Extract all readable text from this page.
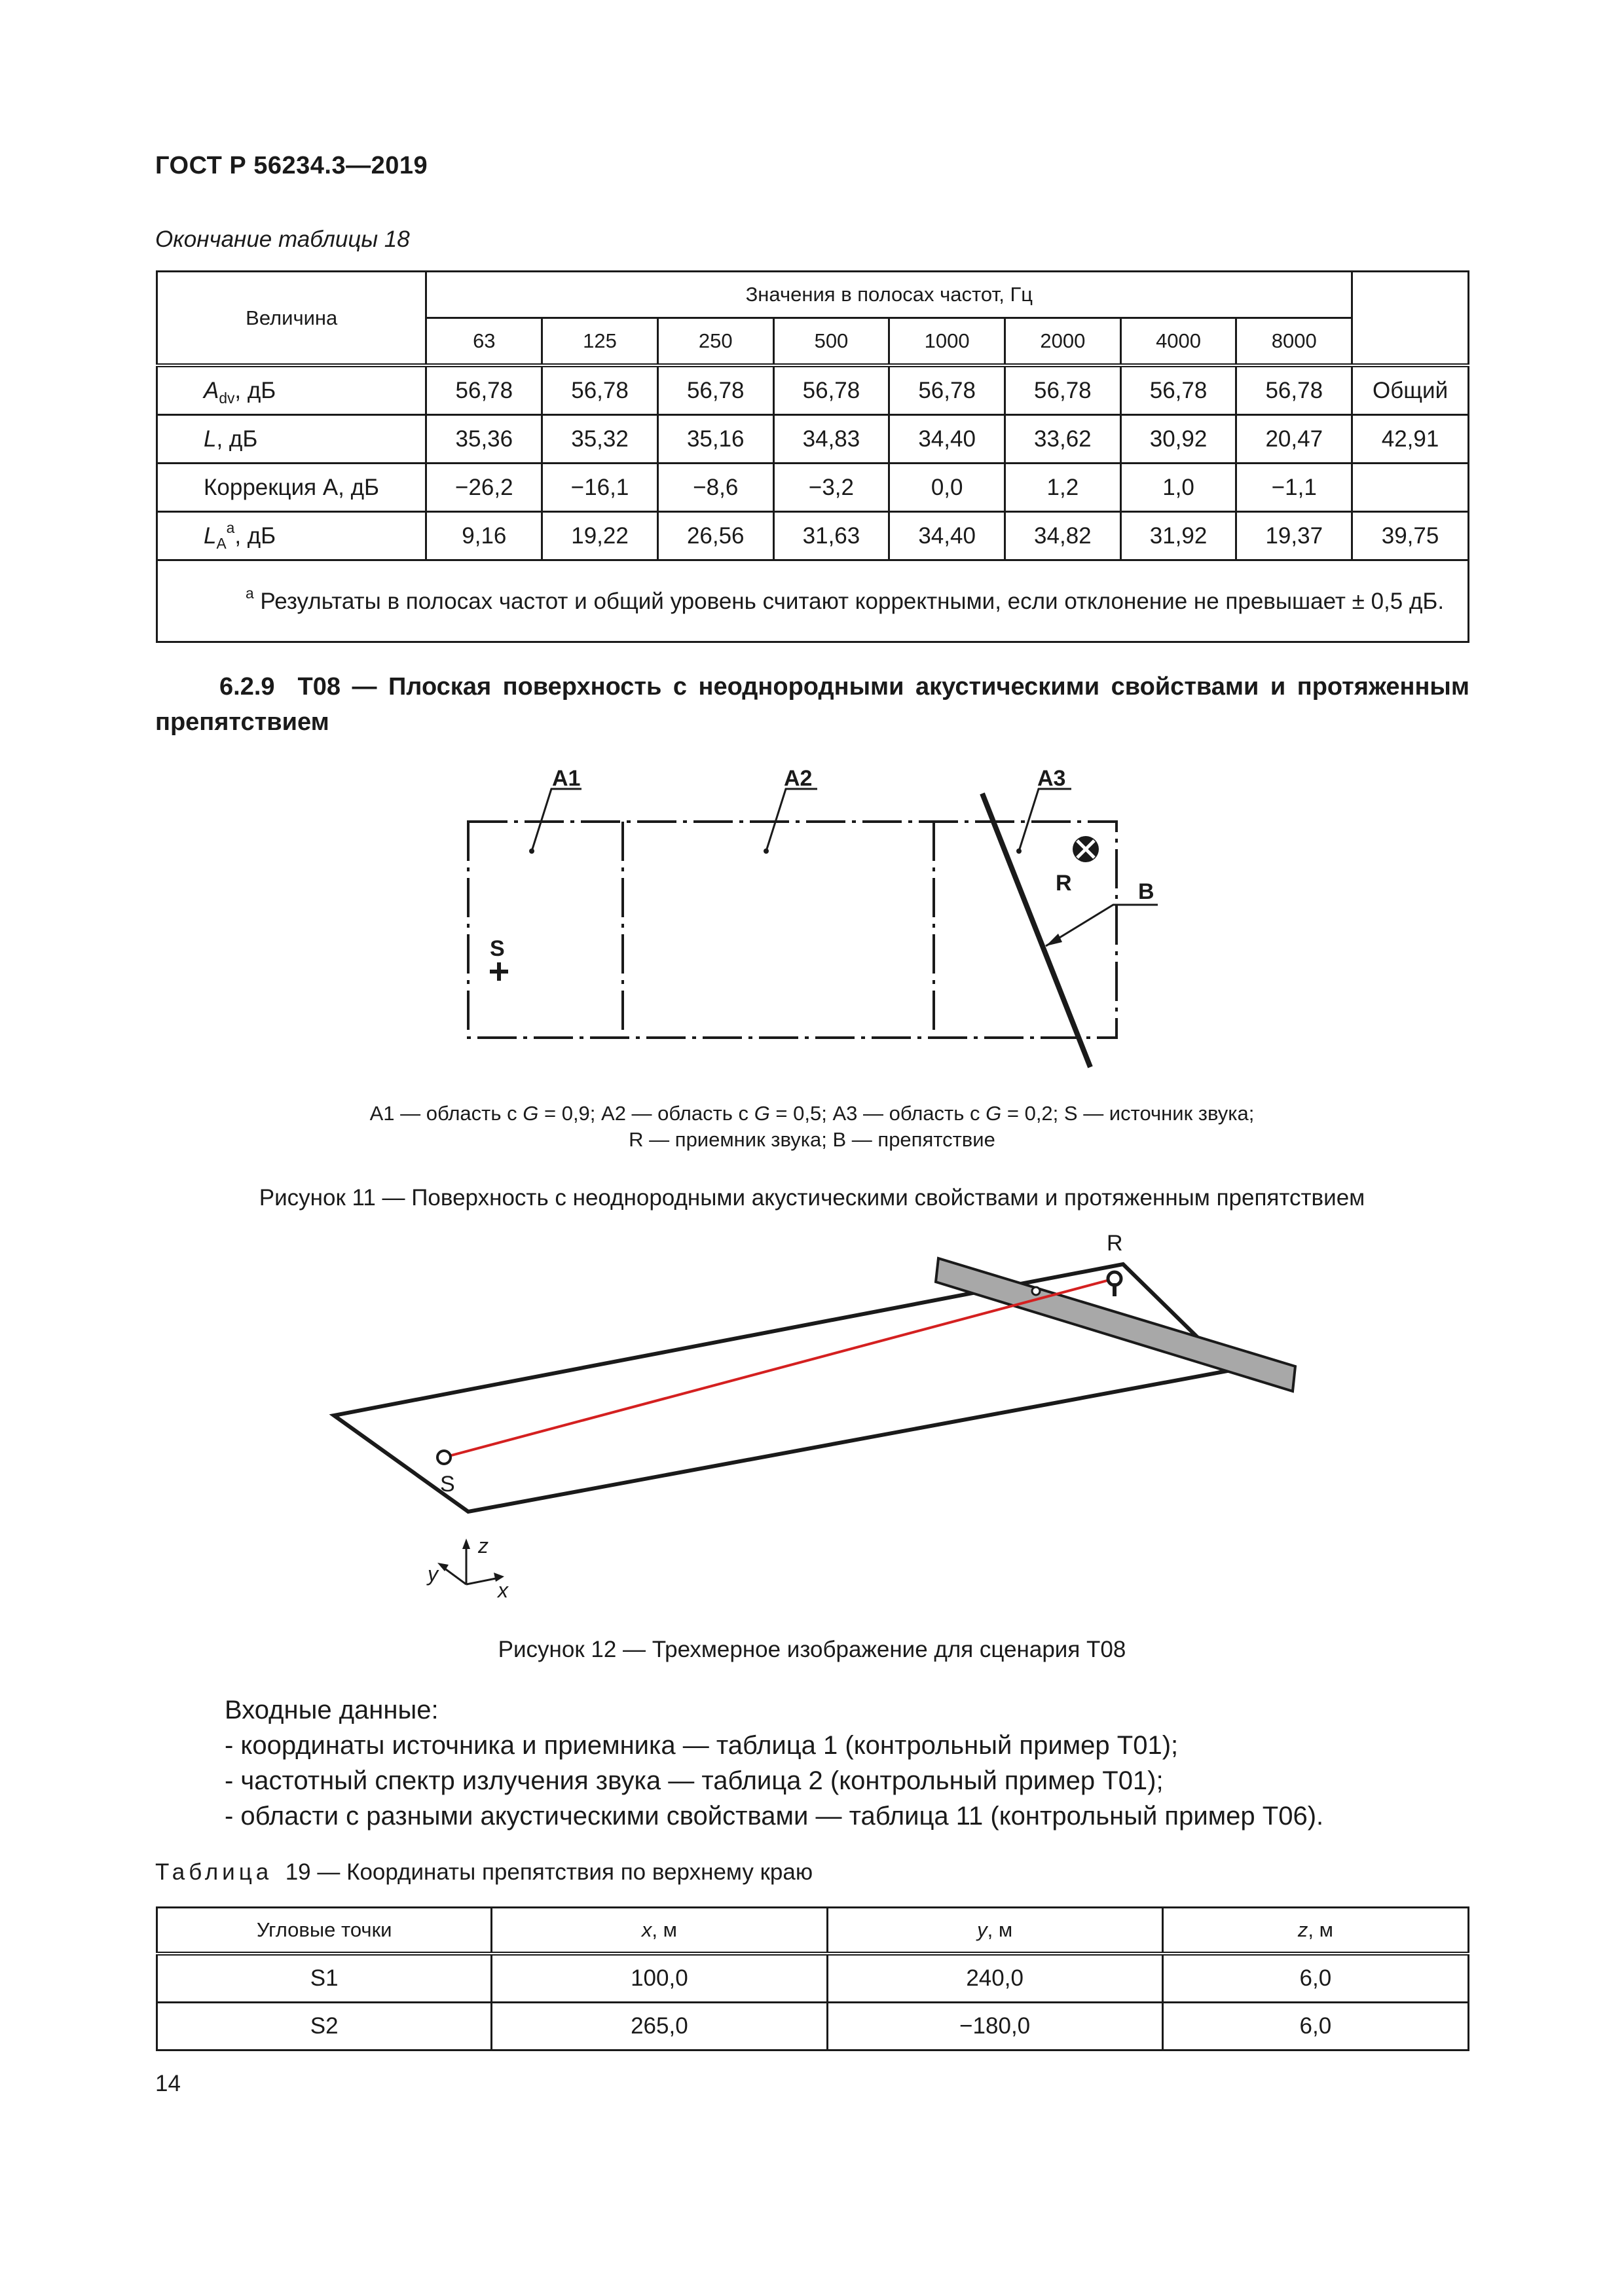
ГОСТ Р 56234.3—2019
Окончание таблицы 18
Величина	Значения в полосах частот, Гц								
	63	125	250	500	1000	2000	4000	8000	
$A_{dv}$, дБ	56,78	56,78	56,78	56,78	56,78	56,78	56,78	56,78	Общий
L, дБ	35,36	35,32	35,16	34,83	34,40	33,62	30,92	20,47	42,91
Коррекция А, дБ	−26,2	−16,1	−8,6	−3,2	0,0	1,2	1,0	−1,1	
$L_A^a$, дБ	9,16	19,22	26,56	31,63	34,40	34,82	31,92	19,37	39,75
$^a$ Результаты в полосах частот и общий уровень считают корректными, если отклонение не превышает ± 0,5 дБ.									
6.2.9 Т08 — Плоская поверхность с неоднородными акустическими свойствами и протяженным препятствием
A1	A2	A3
R	B
S
А1 — область с G = 0,9; А2 — область с G = 0,5; А3 — область с G = 0,2; S — источник звука;
R — приемник звука; В — препятствие
Рисунок 11 — Поверхность с неоднородными акустическими свойствами и протяженным препятствием
R
S
z
x
y
Рисунок 12 — Трехмерное изображение для сценария Т08
Входные данные:
- координаты источника и приемника — таблица 1 (контрольный пример Т01);
- частотный спектр излучения звука — таблица 2 (контрольный пример Т01);
- области с разными акустическими свойствами — таблица 11 (контрольный пример Т06).
Таблица 19 — Координаты препятствия по верхнему краю
Угловые точки	x, м	y, м	z, м
S1	100,0	240,0	6,0
S2	265,0	−180,0	6,0
14
